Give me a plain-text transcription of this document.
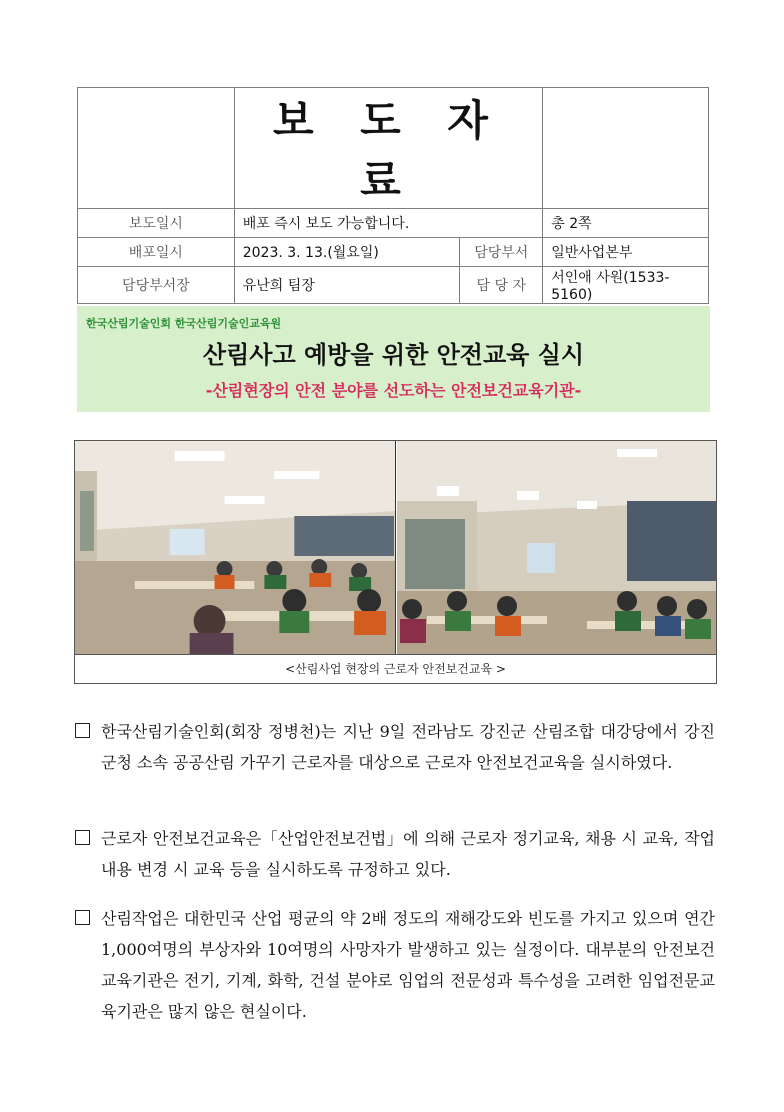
	보 도 자 료		
보도일시	배포 즉시 보도 가능합니다.		총 2쪽
배포일시	2023. 3. 13.(월요일)	담당부서	일반사업본부
담당부서장	유난희 팀장	담 당 자	서인애 사원(1533-5160)
한국산림기술인회 한국산림기술인교육원
산림사고 예방을 위한 안전교육 실시
-산림현장의 안전 분야를 선도하는 안전보건교육기관-
<산림사업 현장의 근로자 안전보건교육 >
한국산림기술인회(회장 정병천)는 지난 9일 전라남도 강진군 산림조합 대강당에서 강진군청 소속 공공산림 가꾸기 근로자를 대상으로 근로자 안전보건교육을 실시하였다.
근로자 안전보건교육은「산업안전보건법」에 의해 근로자 정기교육, 채용 시 교육, 작업내용 변경 시 교육 등을 실시하도록 규정하고 있다.
산림작업은 대한민국 산업 평균의 약 2배 정도의 재해강도와 빈도를 가지고 있으며 연간 1,000여명의 부상자와 10여명의 사망자가 발생하고 있는 실정이다. 대부분의 안전보건교육기관은 전기, 기계, 화학, 건설 분야로 임업의 전문성과 특수성을 고려한 임업전문교육기관은 많지 않은 현실이다.
